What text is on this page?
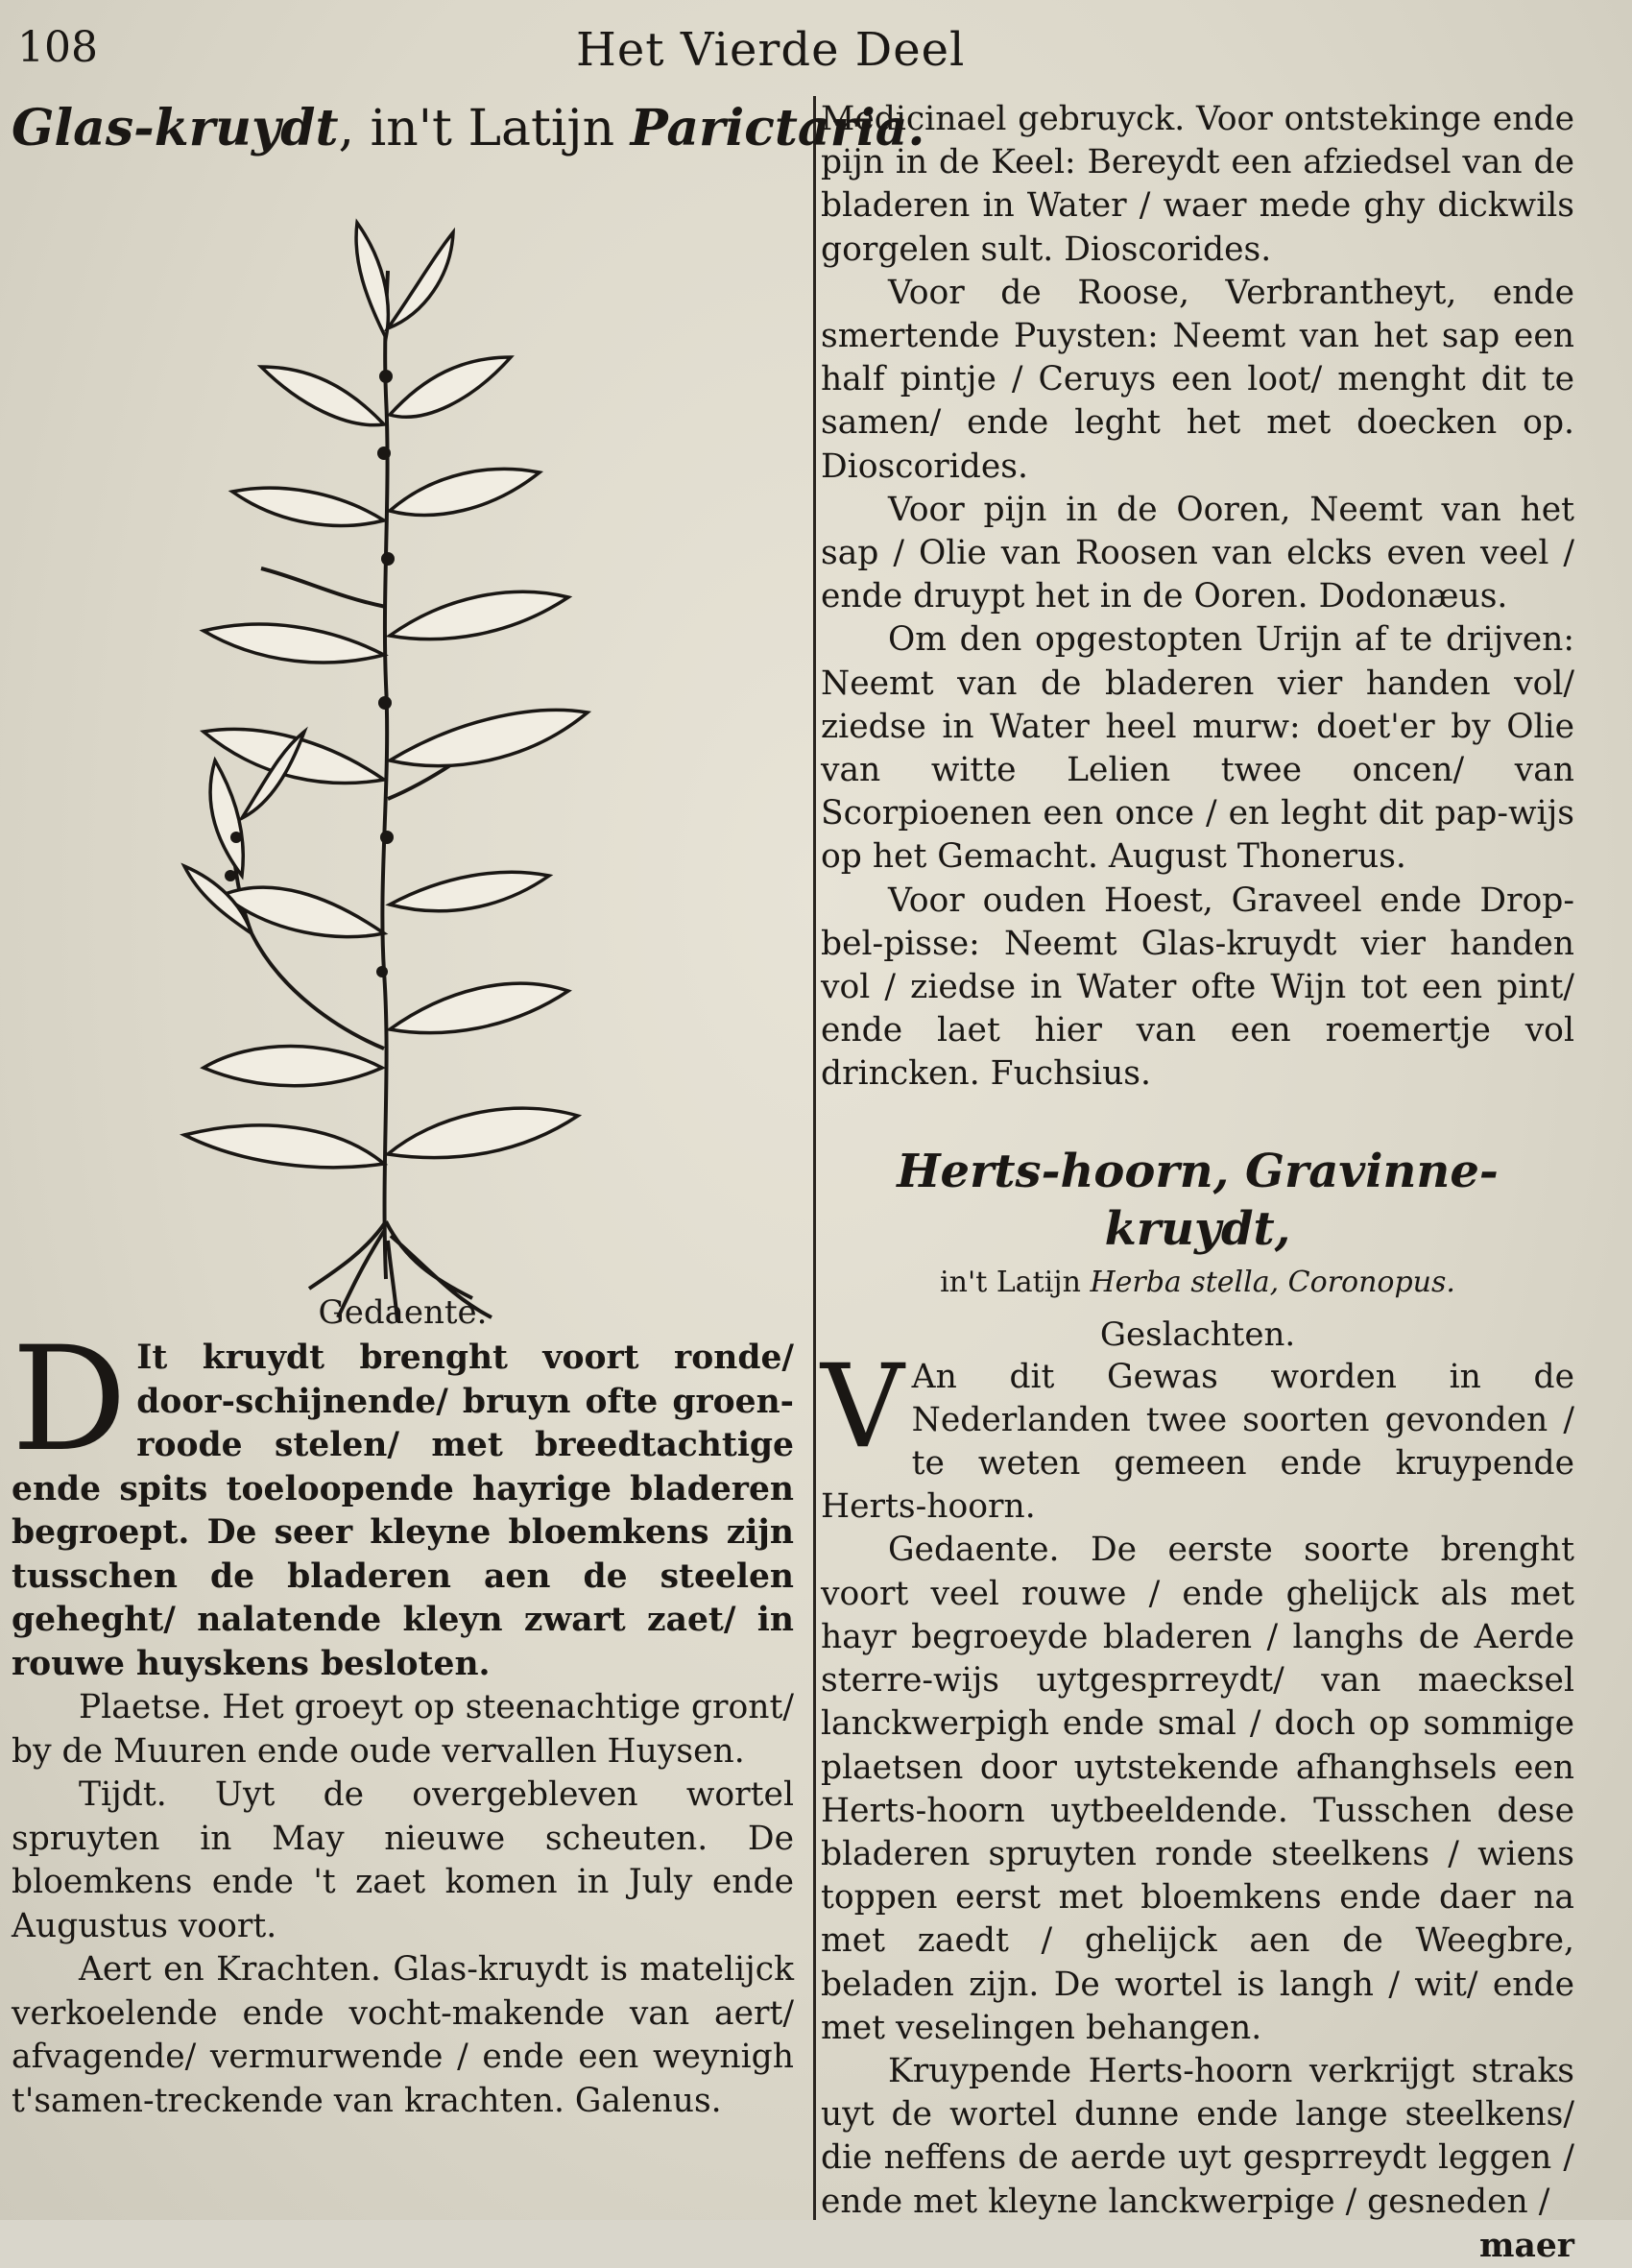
108	Het Vierde Deel
Glas-kruydt, in't Latijn Parictaria.
Gedaente.

D It kruydt brenght voort ronde/ door-schijnende/ bruyn ofte groen-roode stelen/ met breedtachtige ende spits toeloopende hayrige bladeren begroept. De seer kleyne bloemkens zijn tusschen de bladeren aen de steelen geheght/ nalatende kleyn zwart zaet/ in rouwe huyskens besloten.

Plaetse. Het groeyt op steenachtige gront/ by de Muuren ende oude vervallen Huysen.

Tijdt. Uyt de overgebleven wortel spruyten in May nieuwe scheuten. De bloemkens ende 't zaet komen in July ende Augustus voort.

Aert en Krachten. Glas-kruydt is matelijck verkoelende ende vocht-makende van aert/ afvagende/ vermurwende / ende een weynigh t'samen-treckende van krachten. Galenus.

Medicinael gebruyck. Voor ontstekinge ende pijn in de Keel: Bereydt een afziedsel van de bladeren in Water / waer mede ghy dickwils gorgelen sult. Dioscorides.

Voor de Roose, Verbrantheyt, ende smertende Puysten: Neemt van het sap een half pintje / Ceruys een loot/ menght dit te samen/ ende leght het met doecken op. Dioscorides.

Voor pijn in de Ooren, Neemt van het sap / Olie van Roosen van elcks even veel / ende druypt het in de Ooren. Dodonæus.

Om den opgestopten Urijn af te drijven: Neemt van de bladeren vier handen vol/ ziedse in Water heel murw: doet'er by Olie van witte Lelien twee oncen/ van Scorpioenen een once / en leght dit pap-wijs op het Gemacht. August Thonerus.

Voor ouden Hoest, Graveel ende Drop-bel-pisse: Neemt Glas-kruydt vier handen vol / ziedse in Water ofte Wijn tot een pint/ ende laet hier van een roemertje vol drincken. Fuchsius.

Herts-hoorn, Gravinne-kruydt,
in't Latijn Herba stella, Coronopus.
Geslachten.

V An dit Gewas worden in de Nederlanden twee soorten gevonden / te weten gemeen ende kruypende Herts-hoorn.

Gedaente. De eerste soorte brenght voort veel rouwe / ende ghelijck als met hayr begroeyde bladeren / langhs de Aerde sterre-wijs uytgesprreydt/ van maecksel lanckwerpigh ende smal / doch op sommige plaetsen door uytstekende afhanghsels een Herts-hoorn uytbeeldende. Tusschen dese bladeren spruyten ronde steelkens / wiens toppen eerst met bloemkens ende daer na met zaedt / ghelijck aen de Weegbre, beladen zijn. De wortel is langh / wit/ ende met veselingen behangen.

Kruypende Herts-hoorn verkrijgt straks uyt de wortel dunne ende lange steelkens/ die neffens de aerde uyt gesprreydt leggen / ende met kleyne lanckwerpige / gesneden /

maer
